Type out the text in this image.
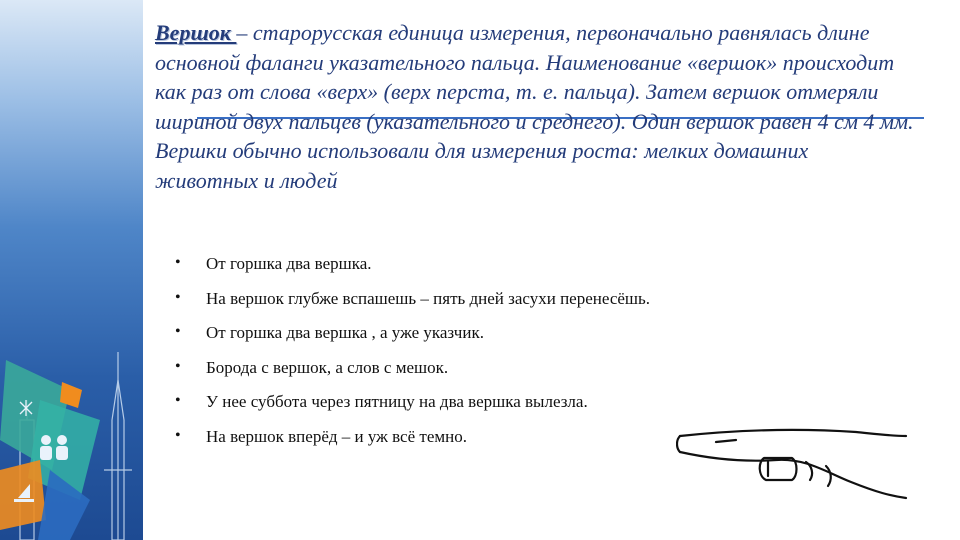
Вершок – старорусская единица измерения, первоначально равнялась длине основной фаланги указательного пальца. Наименование «вершок» происходит как раз от слова «верх» (верх перста, т. е. пальца). Затем вершок отмеряли шириной двух пальцев (указательного и среднего). Один вершок равен 4 см 4 мм. Вершки обычно использовали для измерения роста: мелких домашних животных и людей

• От горшка два вершка.
• На вершок глубже вспашешь – пять дней засухи перенесёшь.
• От горшка два вершка , а уже указчик.
• Борода с вершок, а слов с мешок.
• У нее суббота через пятницу на два вершка вылезла.
• На вершок вперёд – и уж всё темно.
